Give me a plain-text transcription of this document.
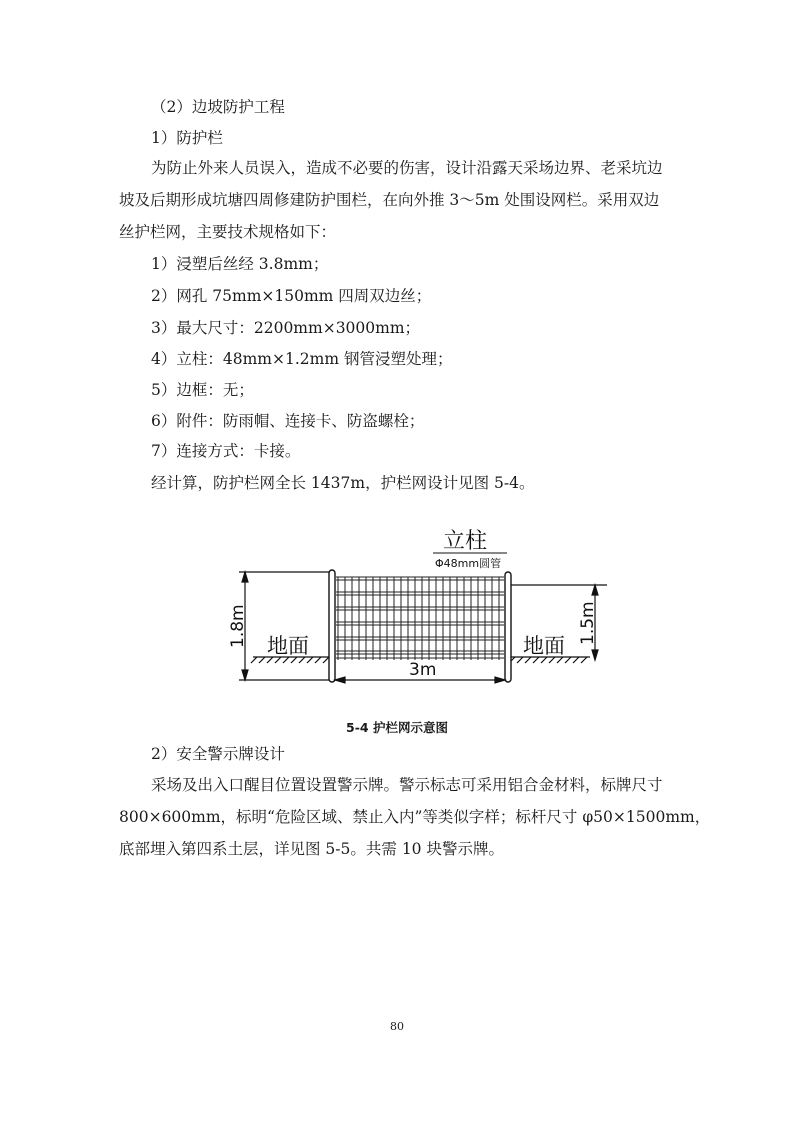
（2）边坡防护工程
1）防护栏
为防止外来人员误入，造成不必要的伤害，设计沿露天采场边界、老采坑边
坡及后期形成坑塘四周修建防护围栏，在向外推 3～5m 处围设网栏。采用双边
丝护栏网，主要技术规格如下：
1）浸塑后丝经 3.8mm；
2）网孔 75mm×150mm 四周双边丝；
3）最大尺寸：2200mm×3000mm；
4）立柱：48mm×1.2mm 钢管浸塑处理；
5）边框：无；
6）附件：防雨帽、连接卡、防盗螺栓；
7）连接方式：卡接。
经计算，防护栏网全长 1437m，护栏网设计见图 5-4。
立柱
Φ48mm圆管
地面	地面
3m
1.8m	1.5m
5-4 护栏网示意图
2）安全警示牌设计
采场及出入口醒目位置设置警示牌。警示标志可采用铝合金材料，标牌尺寸
800×600mm，标明“危险区域、禁止入内”等类似字样；标杆尺寸 φ50×1500mm，
底部埋入第四系土层，详见图 5-5。共需 10 块警示牌。
80
